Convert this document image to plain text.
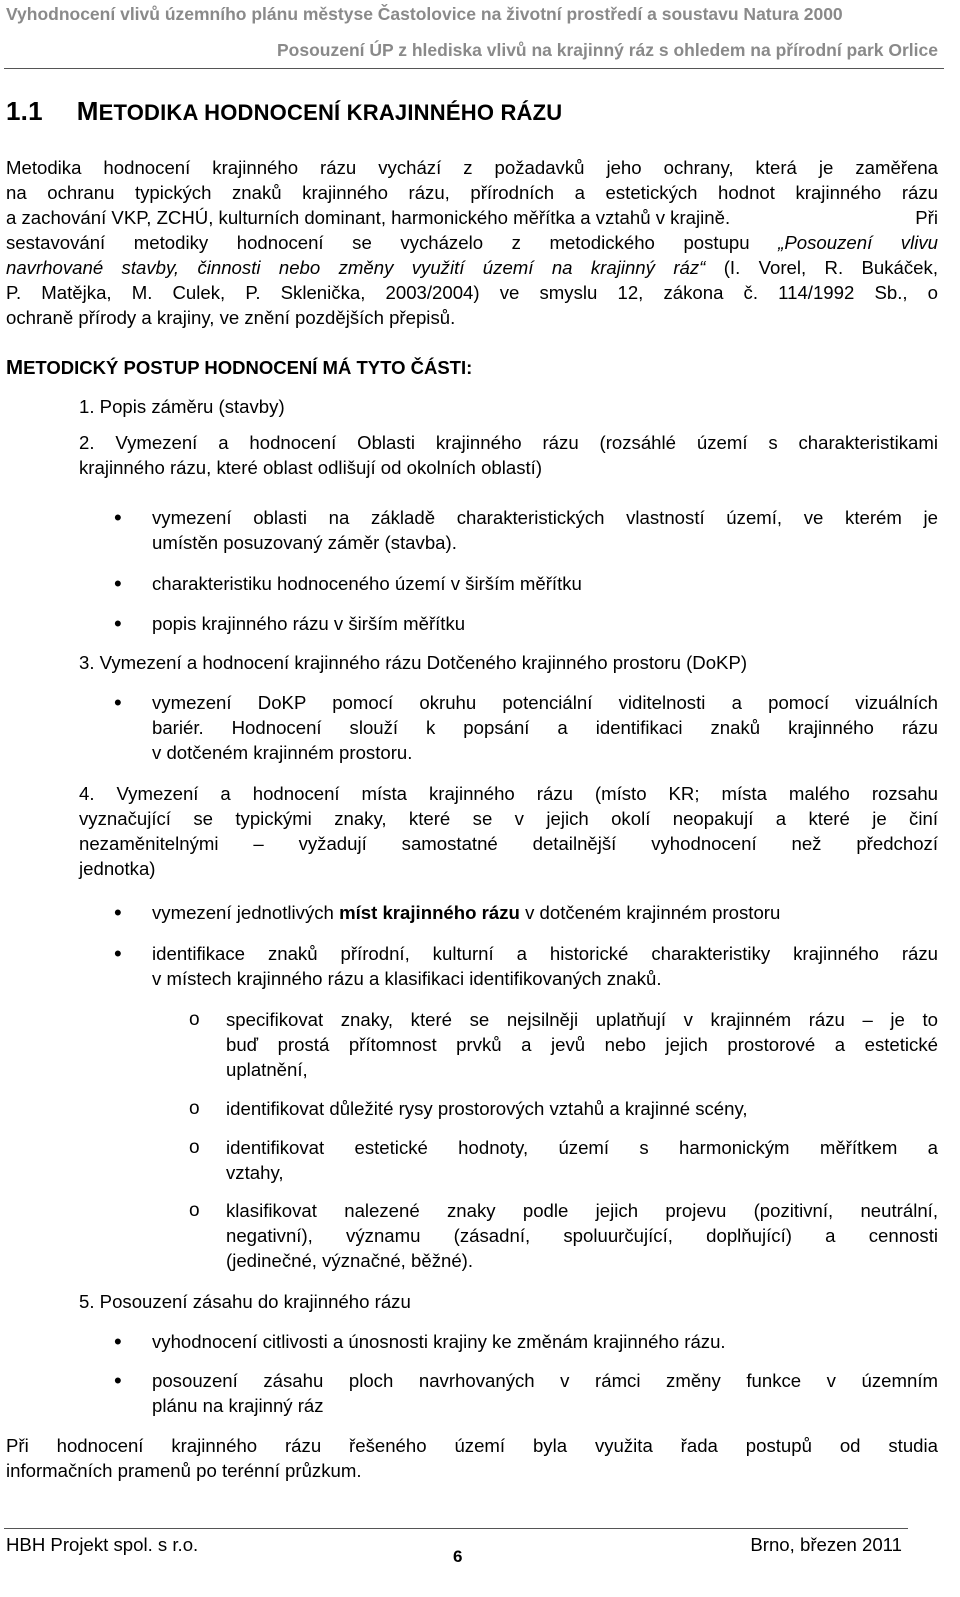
Vyhodnocení vlivů územního plánu městyse Častolovice na životní prostředí a soustavu Natura 2000
Posouzení ÚP z hlediska vlivů na krajinný ráz s ohledem na přírodní park Orlice
1.1 METODIKA HODNOCENÍ KRAJINNÉHO RÁZU
Metodika hodnocení krajinného rázu vychází z požadavků jeho ochrany, která je zaměřena
na ochranu typických znaků krajinného rázu, přírodních a estetických hodnot krajinného rázu
a zachování VKP, ZCHÚ, kulturních dominant, harmonického měřítka a vztahů v krajině.	Při
sestavování metodiky hodnocení se vycházelo z metodického postupu „Posouzení vlivu
navrhované stavby, činnosti nebo změny využití území na krajinný ráz“ (I. Vorel, R. Bukáček,
P. Matějka, M. Culek, P. Sklenička, 2003/2004) ve smyslu 12, zákona č. 114/1992 Sb., o
ochraně přírody a krajiny, ve znění pozdějších přepisů.
METODICKÝ POSTUP HODNOCENÍ MÁ TYTO ČÁSTI:
1. Popis záměru (stavby)
2. Vymezení a hodnocení Oblasti krajinného rázu (rozsáhlé území s charakteristikami
krajinného rázu, které oblast odlišují od okolních oblastí)
• vymezení oblasti na základě charakteristických vlastností území, ve kterém je
umístěn posuzovaný záměr (stavba).
• charakteristiku hodnoceného území v širším měřítku
• popis krajinného rázu v širším měřítku
3. Vymezení a hodnocení krajinného rázu Dotčeného krajinného prostoru (DoKP)
• vymezení DoKP pomocí okruhu potenciální viditelnosti a pomocí vizuálních
bariér. Hodnocení slouží k popsání a identifikaci znaků krajinného rázu
v dotčeném krajinném prostoru.
4. Vymezení a hodnocení místa krajinného rázu (místo KR; místa malého rozsahu
vyznačující se typickými znaky, které se v jejich okolí neopakují a které je činí
nezaměnitelnými – vyžadují samostatné detailnější vyhodnocení než předchozí
jednotka)
• vymezení jednotlivých míst krajinného rázu v dotčeném krajinném prostoru
• identifikace znaků přírodní, kulturní a historické charakteristiky krajinného rázu
v místech krajinného rázu a klasifikaci identifikovaných znaků.
o specifikovat znaky, které se nejsilněji uplatňují v krajinném rázu – je to
buď prostá přítomnost prvků a jevů nebo jejich prostorové a estetické
uplatnění,
o identifikovat důležité rysy prostorových vztahů a krajinné scény,
o identifikovat estetické hodnoty, území s harmonickým měřítkem a
vztahy,
o klasifikovat nalezené znaky podle jejich projevu (pozitivní, neutrální,
negativní), významu (zásadní, spoluurčující, doplňující) a cennosti
(jedinečné, význačné, běžné).
5. Posouzení zásahu do krajinného rázu
• vyhodnocení citlivosti a únosnosti krajiny ke změnám krajinného rázu.
• posouzení zásahu ploch navrhovaných v rámci změny funkce v územním
plánu na krajinný ráz
Při hodnocení krajinného rázu řešeného území byla využita řada postupů od studia
informačních pramenů po terénní průzkum.
HBH Projekt spol. s r.o.
6
Brno, březen 2011
